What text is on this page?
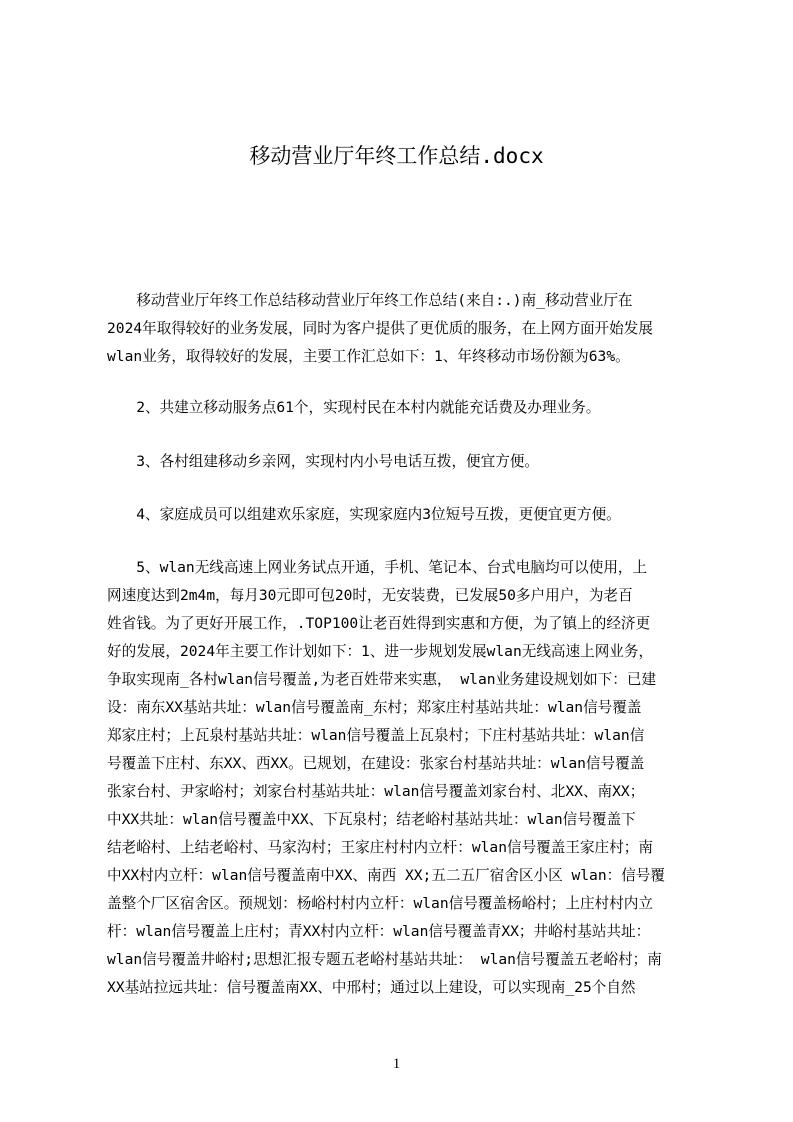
移动营业厅年终工作总结.docx
　　移动营业厅年终工作总结移动营业厅年终工作总结(来自:.)南_移动营业厅在
2024年取得较好的业务发展，同时为客户提供了更优质的服务，在上网方面开始发展
wlan业务，取得较好的发展，主要工作汇总如下：1、年终移动市场份额为63%。
　　2、共建立移动服务点61个，实现村民在本村内就能充话费及办理业务。
　　3、各村组建移动乡亲网，实现村内小号电话互拨，便宜方便。
　　4、家庭成员可以组建欢乐家庭，实现家庭内3位短号互拨，更便宜更方便。
　　5、wlan无线高速上网业务试点开通，手机、笔记本、台式电脑均可以使用，上
网速度达到2m4m，每月30元即可包20时，无安装费，已发展50多户用户，为老百
姓省钱。为了更好开展工作，.TOP100让老百姓得到实惠和方便，为了镇上的经济更
好的发展，2024年主要工作计划如下：1、进一步规划发展wlan无线高速上网业务，
争取实现南_各村wlan信号覆盖,为老百姓带来实惠， wlan业务建设规划如下：已建
设：南东XX基站共址：wlan信号覆盖南_东村；郑家庄村基站共址：wlan信号覆盖
郑家庄村；上瓦泉村基站共址：wlan信号覆盖上瓦泉村；下庄村基站共址：wlan信
号覆盖下庄村、东XX、西XX。已规划，在建设：张家台村基站共址：wlan信号覆盖
张家台村、尹家峪村；刘家台村基站共址：wlan信号覆盖刘家台村、北XX、南XX；
中XX共址：wlan信号覆盖中XX、下瓦泉村；结老峪村基站共址：wlan信号覆盖下
结老峪村、上结老峪村、马家沟村；王家庄村村内立杆：wlan信号覆盖王家庄村；南
中XX村内立杆：wlan信号覆盖南中XX、南西 XX;五二五厂宿舍区小区 wlan：信号覆
盖整个厂区宿舍区。预规划：杨峪村村内立杆：wlan信号覆盖杨峪村；上庄村村内立
杆：wlan信号覆盖上庄村；青XX村内立杆：wlan信号覆盖青XX；井峪村基站共址：
wlan信号覆盖井峪村;思想汇报专题五老峪村基站共址： wlan信号覆盖五老峪村；南
XX基站拉远共址：信号覆盖南XX、中邢村；通过以上建设，可以实现南_25个自然
1
